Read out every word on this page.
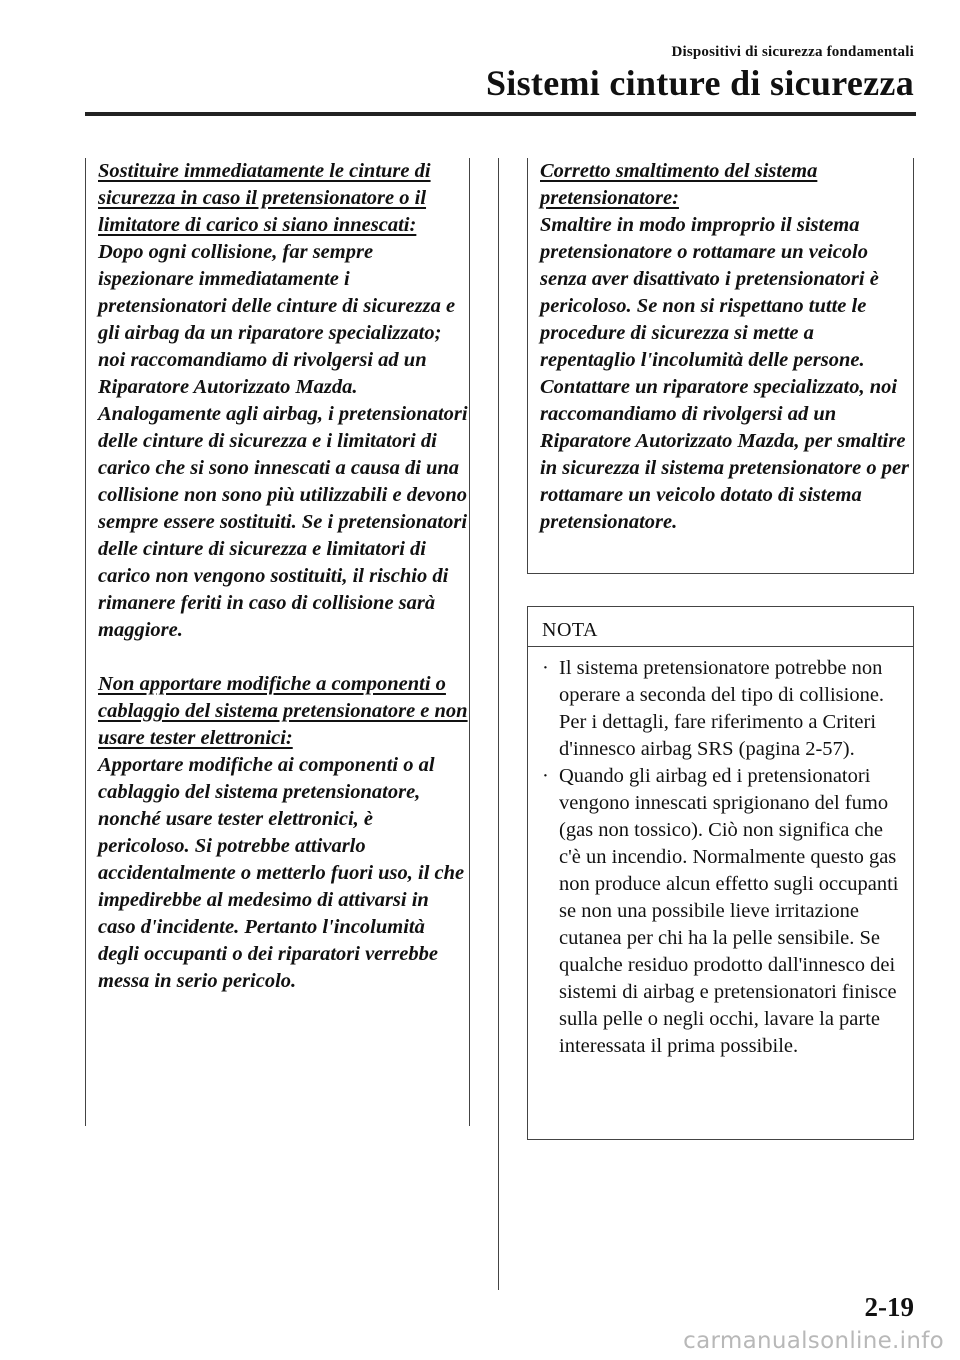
Dispositivi di sicurezza fondamentali
Sistemi cinture di sicurezza
Sostituire immediatamente le cinture di sicurezza in caso il pretensionatore o il limitatore di carico si siano innescati:
Dopo ogni collisione, far sempre ispezionare immediatamente i pretensionatori delle cinture di sicurezza e gli airbag da un riparatore specializzato; noi raccomandiamo di rivolgersi ad un Riparatore Autorizzato Mazda. Analogamente agli airbag, i pretensionatori delle cinture di sicurezza e i limitatori di carico che si sono innescati a causa di una collisione non sono più utilizzabili e devono sempre essere sostituiti. Se i pretensionatori delle cinture di sicurezza e limitatori di carico non vengono sostituiti, il rischio di rimanere feriti in caso di collisione sarà maggiore.
Non apportare modifiche a componenti o cablaggio del sistema pretensionatore e non usare tester elettronici:
Apportare modifiche ai componenti o al cablaggio del sistema pretensionatore, nonché usare tester elettronici, è pericoloso. Si potrebbe attivarlo accidentalmente o metterlo fuori uso, il che impedirebbe al medesimo di attivarsi in caso d'incidente. Pertanto l'incolumità degli occupanti o dei riparatori verrebbe messa in serio pericolo.
Corretto smaltimento del sistema pretensionatore:
Smaltire in modo improprio il sistema pretensionatore o rottamare un veicolo senza aver disattivato i pretensionatori è pericoloso. Se non si rispettano tutte le procedure di sicurezza si mette a repentaglio l'incolumità delle persone. Contattare un riparatore specializzato, noi raccomandiamo di rivolgersi ad un Riparatore Autorizzato Mazda, per smaltire in sicurezza il sistema pretensionatore o per rottamare un veicolo dotato di sistema pretensionatore.
NOTA
· Il sistema pretensionatore potrebbe non operare a seconda del tipo di collisione. Per i dettagli, fare riferimento a Criteri d'innesco airbag SRS (pagina 2-57).
· Quando gli airbag ed i pretensionatori vengono innescati sprigionano del fumo (gas non tossico). Ciò non significa che c'è un incendio. Normalmente questo gas non produce alcun effetto sugli occupanti se non una possibile lieve irritazione cutanea per chi ha la pelle sensibile. Se qualche residuo prodotto dall'innesco dei sistemi di airbag e pretensionatori finisce sulla pelle o negli occhi, lavare la parte interessata il prima possibile.
2-19
carmanualsonline.info
